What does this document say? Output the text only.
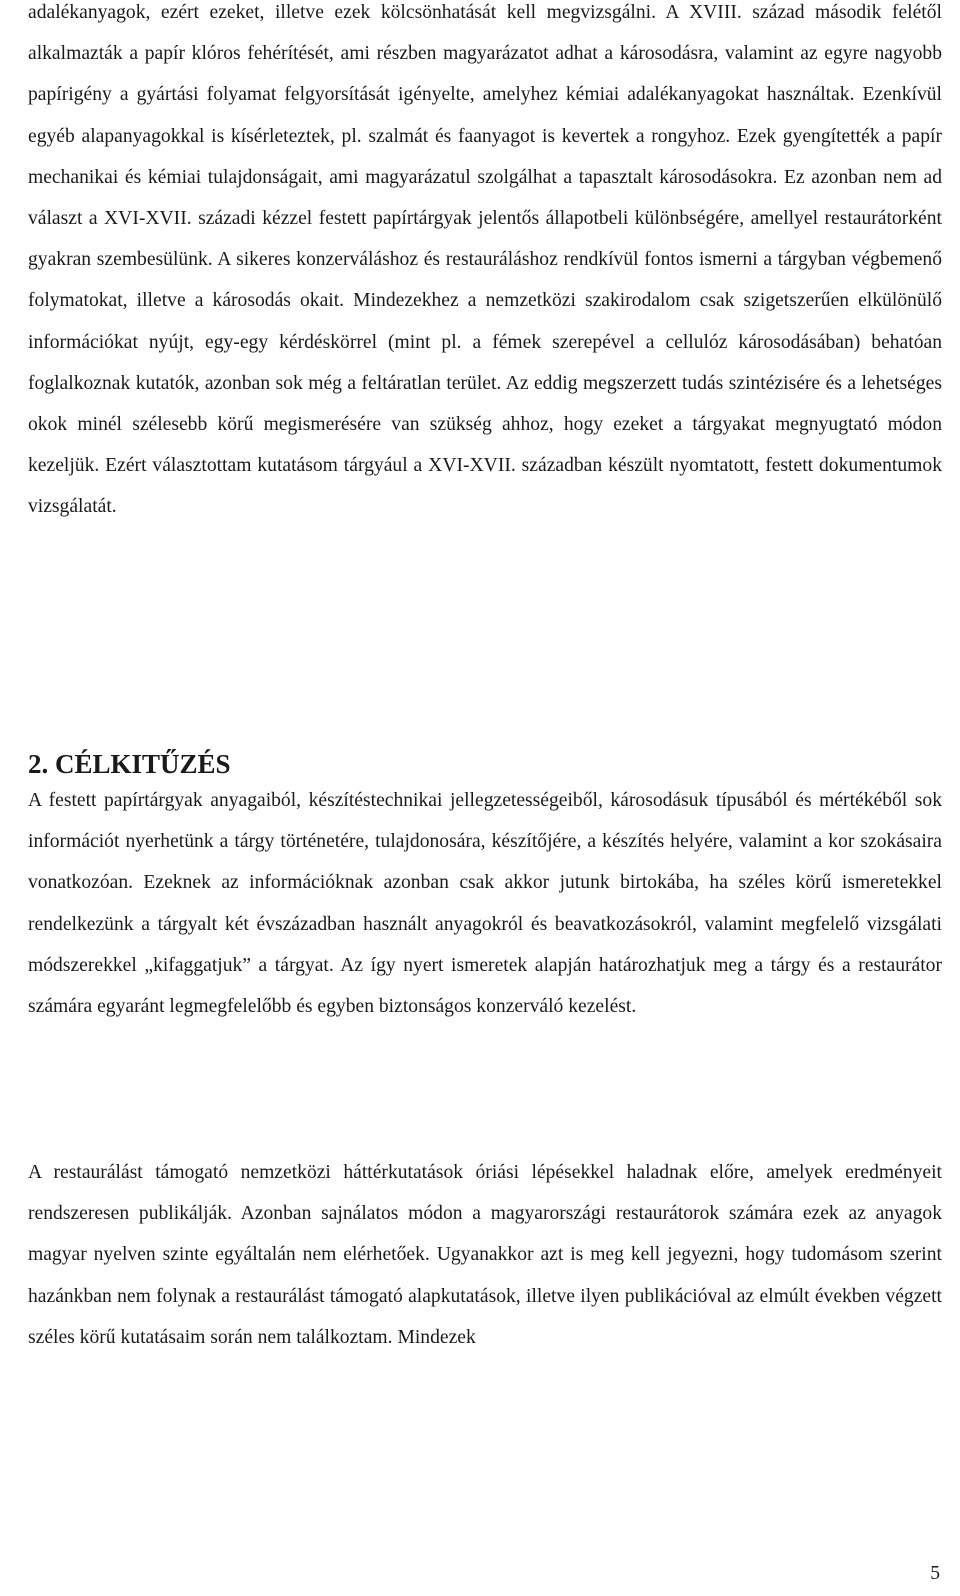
adalékanyagok, ezért ezeket, illetve ezek kölcsönhatását kell megvizsgálni. A XVIII. század második felétől alkalmazták a papír klóros fehérítését, ami részben magyarázatot adhat a károsodásra, valamint az egyre nagyobb papírigény a gyártási folyamat felgyorsítását igényelte, amelyhez kémiai adalékanyagokat használtak. Ezenkívül egyéb alapanyagokkal is kísérleteztek, pl. szalmát és faanyagot is kevertek a rongyhoz. Ezek gyengítették a papír mechanikai és kémiai tulajdonságait, ami magyarázatul szolgálhat a tapasztalt károsodásokra. Ez azonban nem ad választ a XVI-XVII. századi kézzel festett papírtárgyak jelentős állapotbeli különbségére, amellyel restaurátorként gyakran szembesülünk. A sikeres konzerváláshoz és restauráláshoz rendkívül fontos ismerni a tárgyban végbemenő folymatokat, illetve a károsodás okait. Mindezekhez a nemzetközi szakirodalom csak szigetszerűen elkülönülő információkat nyújt, egy-egy kérdéskörrel (mint pl. a fémek szerepével a cellulóz károsodásában) behatóan foglalkoznak kutatók, azonban sok még a feltáratlan terület. Az eddig megszerzett tudás szintézisére és a lehetséges okok minél szélesebb körű megismerésére van szükség ahhoz, hogy ezeket a tárgyakat megnyugtató módon kezeljük. Ezért választottam kutatásom tárgyául a XVI-XVII. században készült nyomtatott, festett dokumentumok vizsgálatát.

2. CÉLKITŰZÉS

A festett papírtárgyak anyagaiból, készítéstechnikai jellegzetességeiből, károsodásuk típusából és mértékéből sok információt nyerhetünk a tárgy történetére, tulajdonosára, készítőjére, a készítés helyére, valamint a kor szokásaira vonatkozóan. Ezeknek az információknak azonban csak akkor jutunk birtokába, ha széles körű ismeretekkel rendelkezünk a tárgyalt két évszázadban használt anyagokról és beavatkozásokról, valamint megfelelő vizsgálati módszerekkel „kifaggatjuk” a tárgyat. Az így nyert ismeretek alapján határozhatjuk meg a tárgy és a restaurátor számára egyaránt legmegfelelőbb és egyben biztonságos konzerváló kezelést.

A restaurálást támogató nemzetközi háttérkutatások óriási lépésekkel haladnak előre, amelyek eredményeit rendszeresen publikálják. Azonban sajnálatos módon a magyarországi restaurátorok számára ezek az anyagok magyar nyelven szinte egyáltalán nem elérhetőek. Ugyanakkor azt is meg kell jegyezni, hogy tudomásom szerint hazánkban nem folynak a restaurálást támogató alapkutatások, illetve ilyen publikációval az elmúlt években végzett széles körű kutatásaim során nem találkoztam. Mindezek

5
